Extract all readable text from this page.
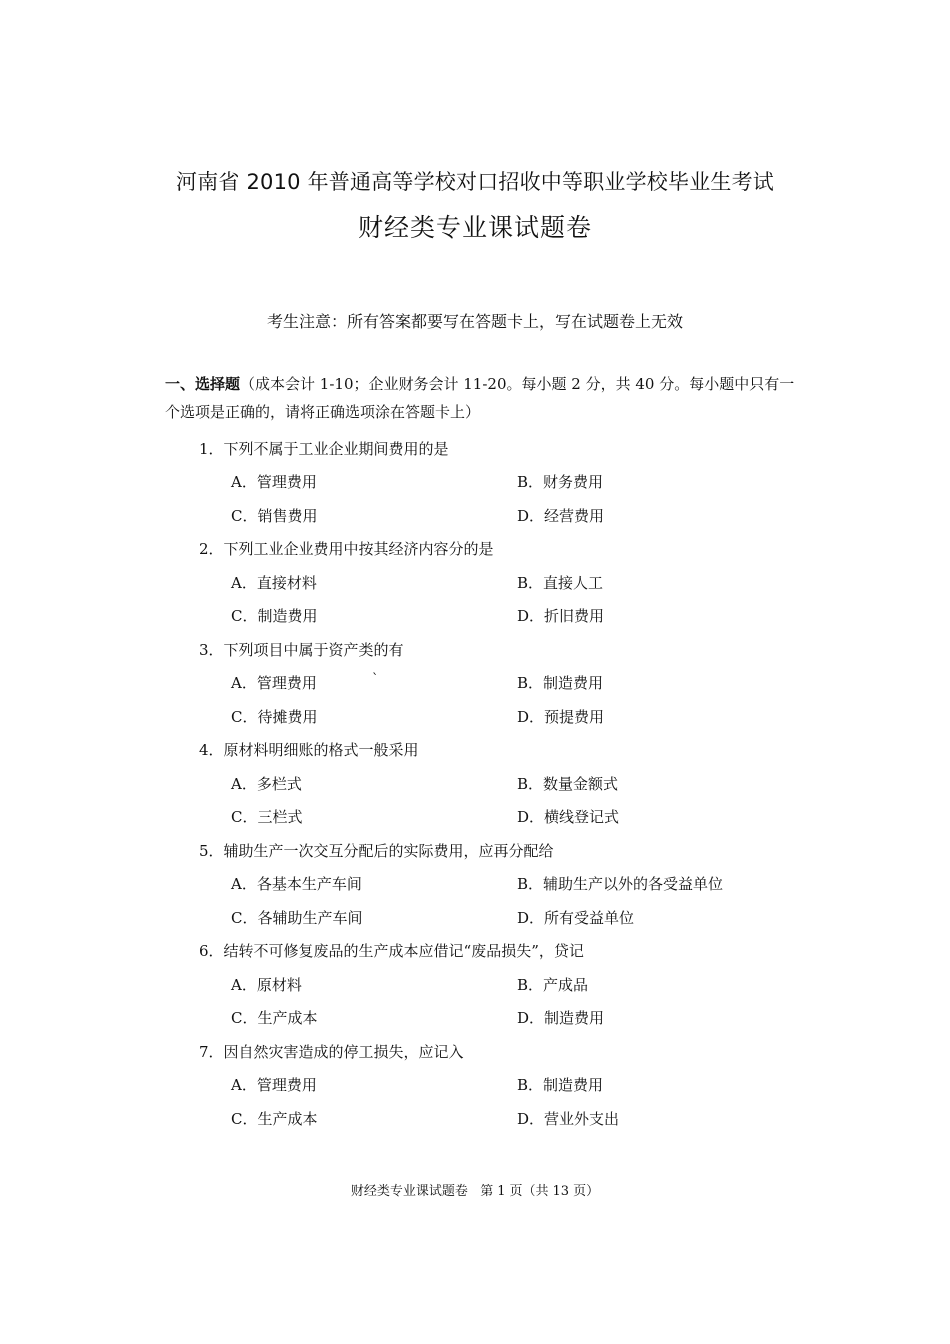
河南省 2010 年普通高等学校对口招收中等职业学校毕业生考试
财经类专业课试题卷
考生注意：所有答案都要写在答题卡上，写在试题卷上无效
一、选择题（成本会计 1-10；企业财务会计 11-20。每小题 2 分，共 40 分。每小题中只有一个选项是正确的，请将正确选项涂在答题卡上）
1．下列不属于工业企业期间费用的是
A．管理费用	B．财务费用
C．销售费用	D．经营费用
2．下列工业企业费用中按其经济内容分的是
A．直接材料	B．直接人工
C．制造费用	D．折旧费用
3．下列项目中属于资产类的有
A．管理费用	`	B．制造费用
C．待摊费用	D．预提费用
4．原材料明细账的格式一般采用
A．多栏式	B．数量金额式
C．三栏式	D．横线登记式
5．辅助生产一次交互分配后的实际费用，应再分配给
A．各基本生产车间	B．辅助生产以外的各受益单位
C．各辅助生产车间	D．所有受益单位
6．结转不可修复废品的生产成本应借记“废品损失”，贷记
A．原材料	B．产成品
C．生产成本	D．制造费用
7．因自然灾害造成的停工损失，应记入
A．管理费用	B．制造费用
C．生产成本	D．营业外支出
财经类专业课试题卷 第 1 页（共 13 页）
